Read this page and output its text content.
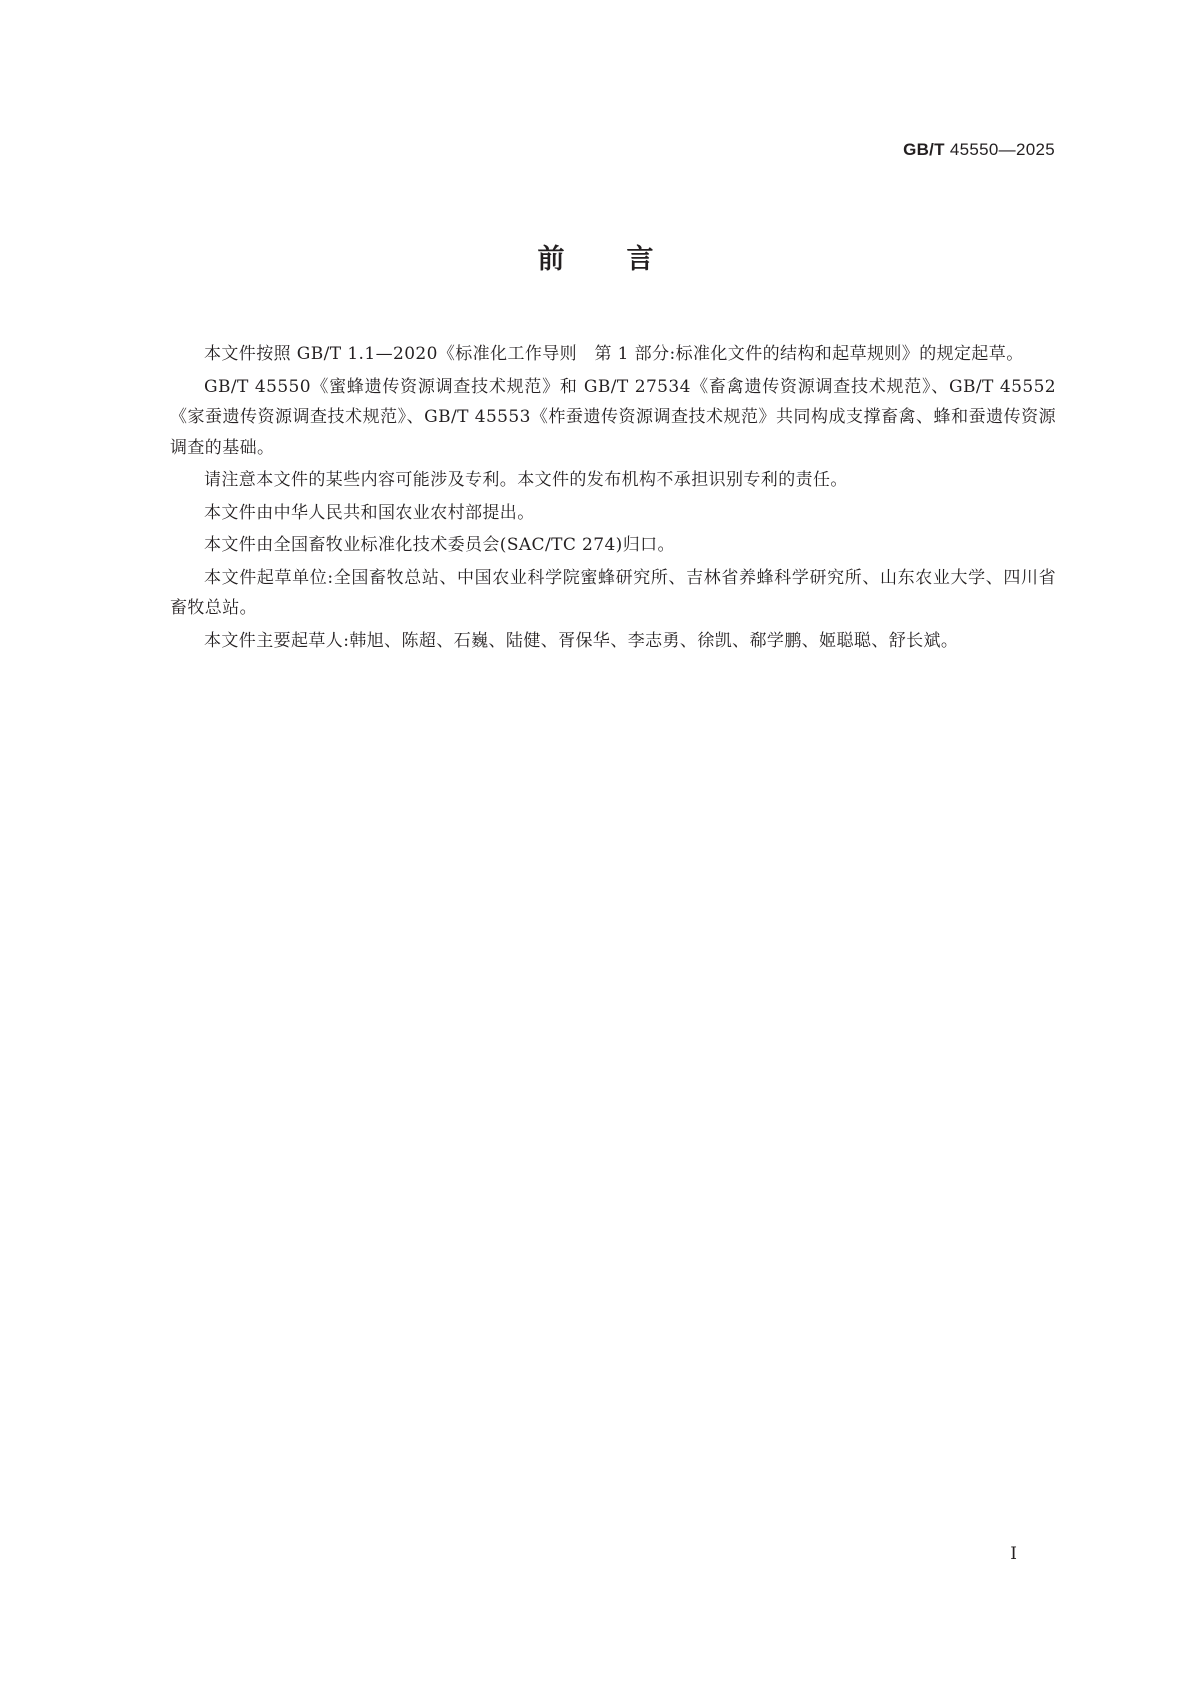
GB/T 45550—2025
前言

本文件按照 GB/T 1.1—2020《标准化工作导则　第 1 部分:标准化文件的结构和起草规则》的规定起草。

GB/T 45550《蜜蜂遗传资源调查技术规范》和 GB/T 27534《畜禽遗传资源调查技术规范》、GB/T 45552《家蚕遗传资源调查技术规范》、GB/T 45553《柞蚕遗传资源调查技术规范》共同构成支撑畜禽、蜂和蚕遗传资源调查的基础。

请注意本文件的某些内容可能涉及专利。本文件的发布机构不承担识别专利的责任。

本文件由中华人民共和国农业农村部提出。

本文件由全国畜牧业标准化技术委员会(SAC/TC 274)归口。

本文件起草单位:全国畜牧总站、中国农业科学院蜜蜂研究所、吉林省养蜂科学研究所、山东农业大学、四川省畜牧总站。

本文件主要起草人:韩旭、陈超、石巍、陆健、胥保华、李志勇、徐凯、郗学鹏、姬聪聪、舒长斌。

I
